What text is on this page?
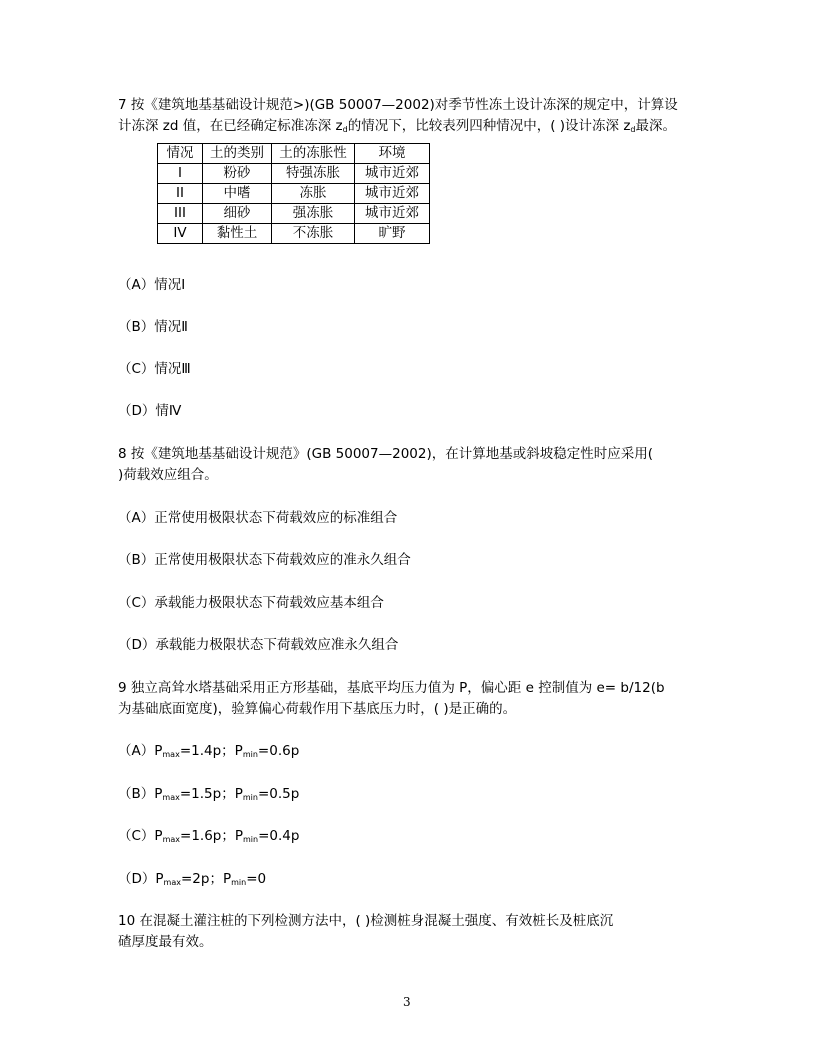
7 按《建筑地基基础设计规范>)(GB 50007—2002)对季节性冻土设计冻深的规定中，计算设
计冻深 zd 值，在已经确定标准冻深 $z_d$的情况下，比较表列四种情况中，( )设计冻深 $z_d$最深。
情况	土的类别	土的冻胀性	环境
I	粉砂	特强冻胀	城市近郊
II	中嗜	冻胀	城市近郊
III	细砂	强冻胀	城市近郊
IV	黏性土	不冻胀	旷野
（A）情况Ⅰ
（B）情况Ⅱ
（C）情况Ⅲ
（D）情Ⅳ
8 按《建筑地基基础设计规范》(GB 50007—2002)，在计算地基或斜坡稳定性时应采用(
)荷载效应组合。
（A）正常使用极限状态下荷载效应的标准组合
（B）正常使用极限状态下荷载效应的准永久组合
（C）承载能力极限状态下荷载效应基本组合
（D）承载能力极限状态下荷载效应准永久组合
9 独立高耸水塔基础采用正方形基础，基底平均压力值为 P，偏心距 e 控制值为 e= b/12(b
为基础底面宽度)，验算偏心荷载作用下基底压力时，( )是正确的。
$(A)P_{max}=1.4p$；$P_{min}=0.6p$
$(B)P_{max}=1.5p$；$P_{min}=0.5p$
$(C)P_{max}=1.6p$；$P_{min}=0.4p$
$(D)P_{max}=2p$；$P_{min}=0$
10 在混凝土灌注桩的下列检测方法中，( )检测桩身混凝土强度、有效桩长及桩底沉
碴厚度最有效。
3
